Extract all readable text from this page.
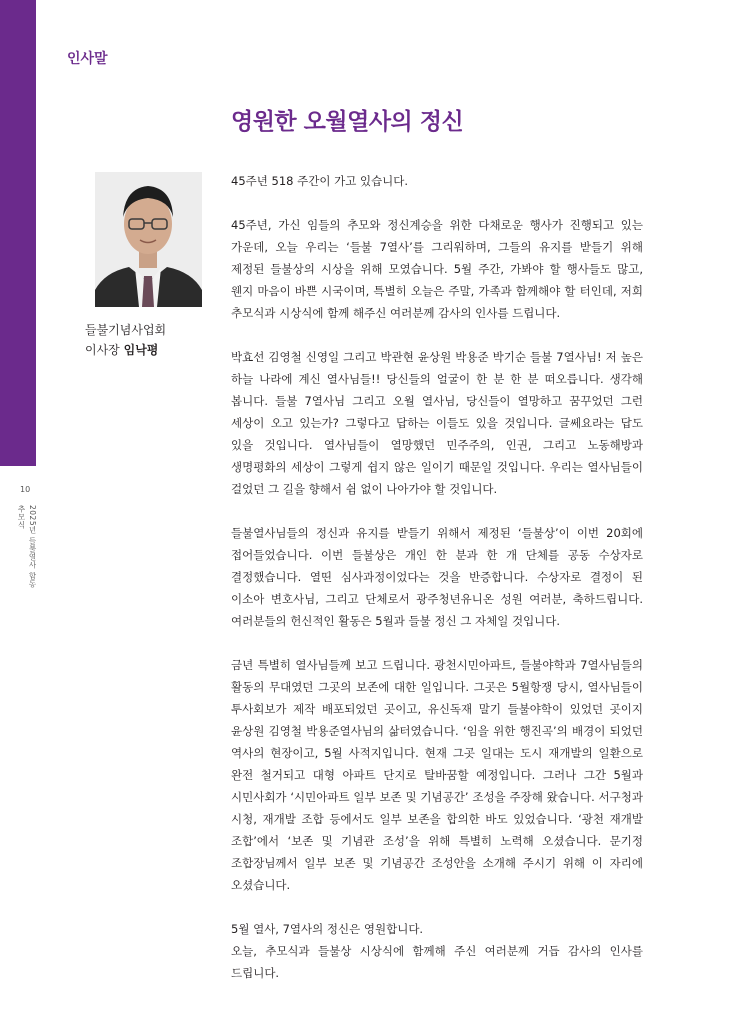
10
2025년 들불열사 합동추모식
인사말
영원한 오월열사의 정신
들불기념사업회
이사장 임낙평

45주년 518 주간이 가고 있습니다.

45주년, 가신 임들의 추모와 정신계승을 위한 다채로운 행사가 진행되고 있는 가운데, 오늘 우리는 ‘들불 7열사’를 그리워하며, 그들의 유지를 받들기 위해 제정된 들불상의 시상을 위해 모였습니다. 5월 주간, 가봐야 할 행사들도 많고, 웬지 마음이 바쁜 시국이며, 특별히 오늘은 주말, 가족과 함께해야 할 터인데, 저희 추모식과 시상식에 함께 해주신 여러분께 감사의 인사를 드립니다.

박효선 김영철 신영일 그리고 박관현 윤상원 박용준 박기순 들불 7열사님! 저 높은 하늘 나라에 계신 열사님들!! 당신들의 얼굴이 한 분 한 분 떠오릅니다. 생각해 봅니다. 들불 7열사님 그리고 오월 열사님, 당신들이 열망하고 꿈꾸었던 그런 세상이 오고 있는가? 그렇다고 답하는 이들도 있을 것입니다. 글쎄요라는 답도 있을 것입니다. 열사님들이 열망했던 민주주의, 인권, 그리고 노동해방과 생명평화의 세상이 그렇게 쉽지 않은 일이기 때문일 것입니다. 우리는 열사님들이 걸었던 그 길을 향해서 쉼 없이 나아가야 할 것입니다.

들불열사님들의 정신과 유지를 받들기 위해서 제정된 ‘들불상’이 이번 20회에 접어들었습니다. 이번 들불상은 개인 한 분과 한 개 단체를 공동 수상자로 결정했습니다. 열띤 심사과정이었다는 것을 반증합니다. 수상자로 결정이 된 이소아 변호사님, 그리고 단체로서 광주청년유니온 성원 여러분, 축하드립니다. 여러분들의 헌신적인 활동은 5월과 들불 정신 그 자체일 것입니다.

금년 특별히 열사님들께 보고 드립니다. 광천시민아파트, 들불야학과 7열사님들의 활동의 무대였던 그곳의 보존에 대한 일입니다. 그곳은 5월항쟁 당시, 열사님들이 투사회보가 제작 배포되었던 곳이고, 유신독재 말기 들불야학이 있었던 곳이지 윤상원 김영철 박용준열사님의 삶터였습니다. ‘임을 위한 행진곡’의 배경이 되었던 역사의 현장이고, 5월 사적지입니다. 현재 그곳 일대는 도시 재개발의 일환으로 완전 철거되고 대형 아파트 단지로 탈바꿈할 예정입니다. 그러나 그간 5월과 시민사회가 ‘시민아파트 일부 보존 및 기념공간’ 조성을 주장해 왔습니다. 서구청과 시청, 재개발 조합 등에서도 일부 보존을 합의한 바도 있었습니다. ‘광천 재개발 조합’에서 ‘보존 및 기념관 조성’을 위해 특별히 노력해 오셨습니다. 문기정 조합장님께서 일부 보존 및 기념공간 조성안을 소개해 주시기 위해 이 자리에 오셨습니다.

5월 열사, 7열사의 정신은 영원합니다.
오늘, 추모식과 들불상 시상식에 함께해 주신 여러분께 거듭 감사의 인사를 드립니다.
